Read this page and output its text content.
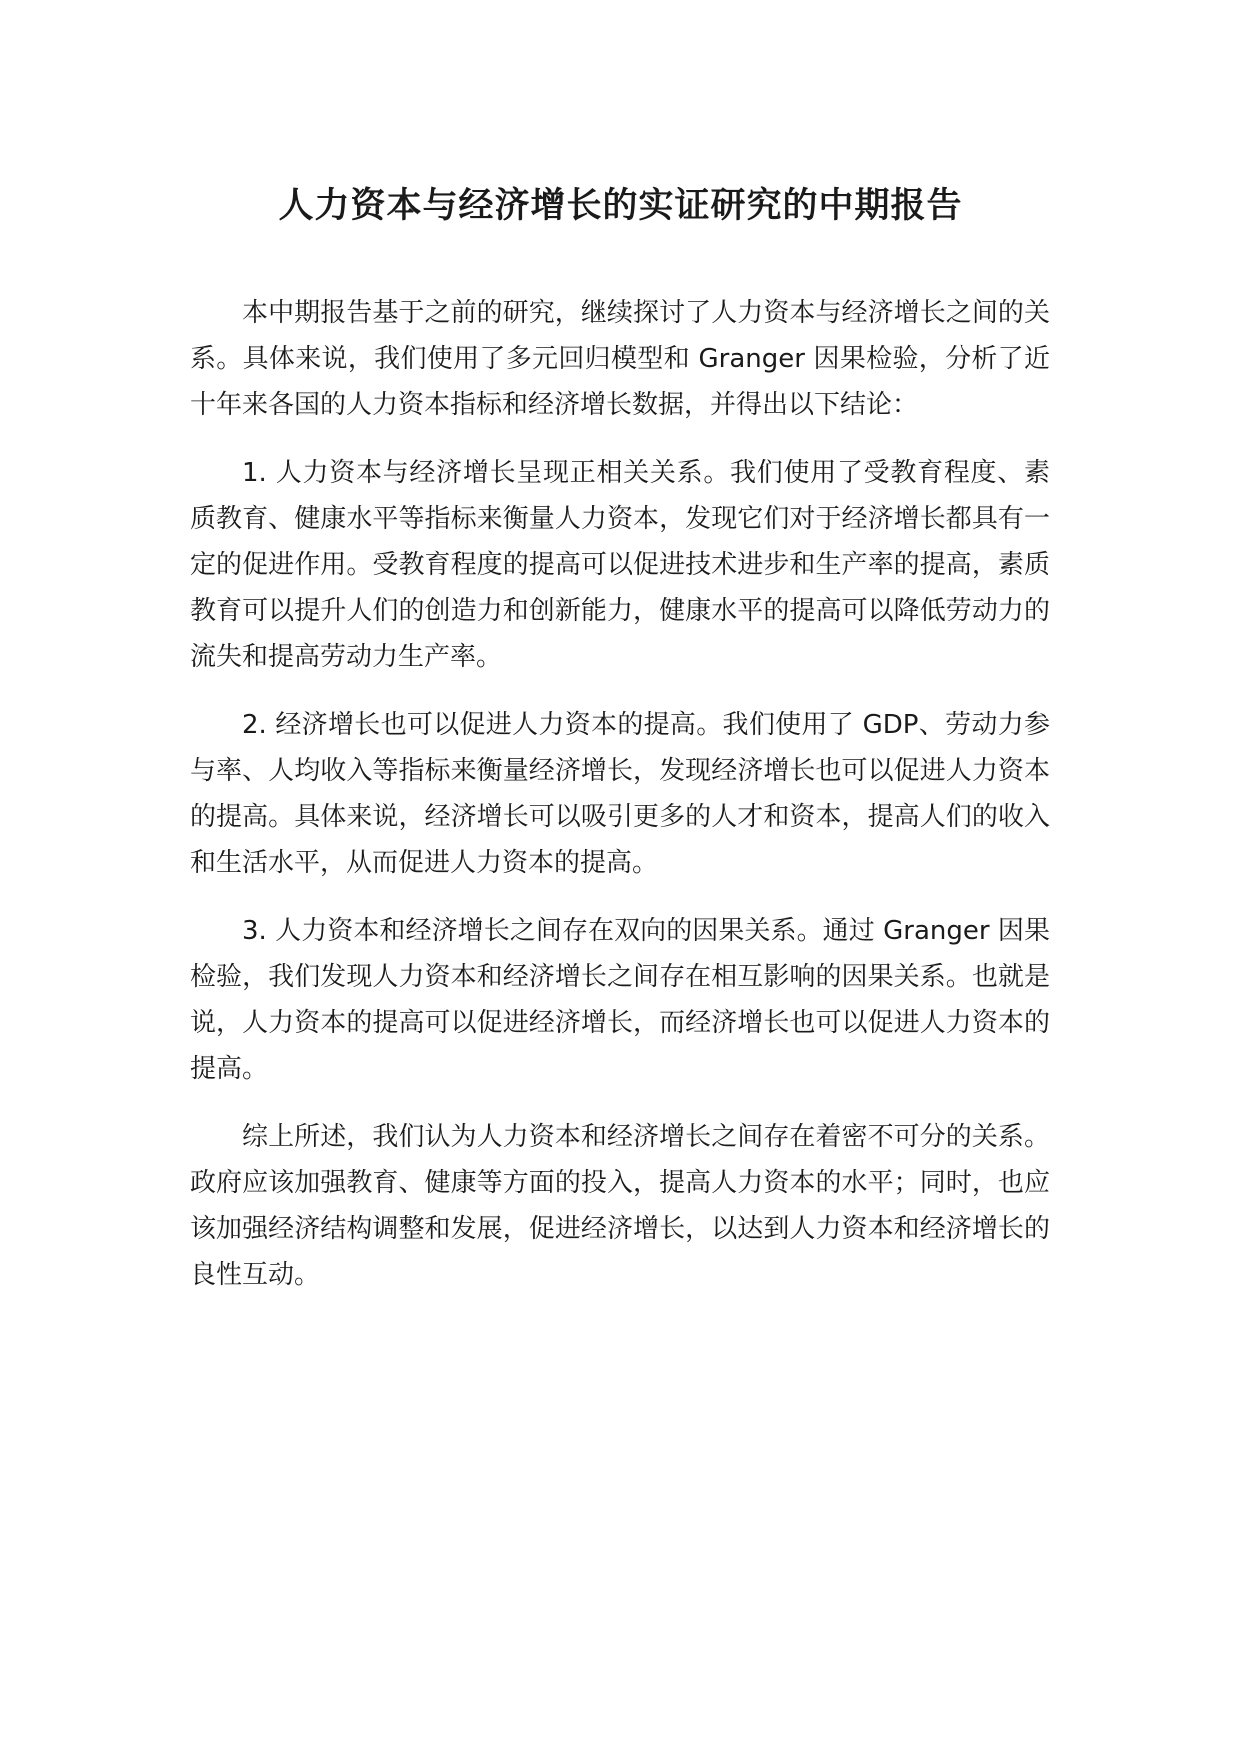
人力资本与经济增长的实证研究的中期报告

本中期报告基于之前的研究，继续探讨了人力资本与经济增长之间的关系。具体来说，我们使用了多元回归模型和 Granger 因果检验，分析了近十年来各国的人力资本指标和经济增长数据，并得出以下结论：

1. 人力资本与经济增长呈现正相关关系。我们使用了受教育程度、素质教育、健康水平等指标来衡量人力资本，发现它们对于经济增长都具有一定的促进作用。受教育程度的提高可以促进技术进步和生产率的提高，素质教育可以提升人们的创造力和创新能力，健康水平的提高可以降低劳动力的流失和提高劳动力生产率。

2. 经济增长也可以促进人力资本的提高。我们使用了 GDP、劳动力参与率、人均收入等指标来衡量经济增长，发现经济增长也可以促进人力资本的提高。具体来说，经济增长可以吸引更多的人才和资本，提高人们的收入和生活水平，从而促进人力资本的提高。

3. 人力资本和经济增长之间存在双向的因果关系。通过 Granger 因果检验，我们发现人力资本和经济增长之间存在相互影响的因果关系。也就是说，人力资本的提高可以促进经济增长，而经济增长也可以促进人力资本的提高。

综上所述，我们认为人力资本和经济增长之间存在着密不可分的关系。政府应该加强教育、健康等方面的投入，提高人力资本的水平；同时，也应该加强经济结构调整和发展，促进经济增长，以达到人力资本和经济增长的良性互动。
